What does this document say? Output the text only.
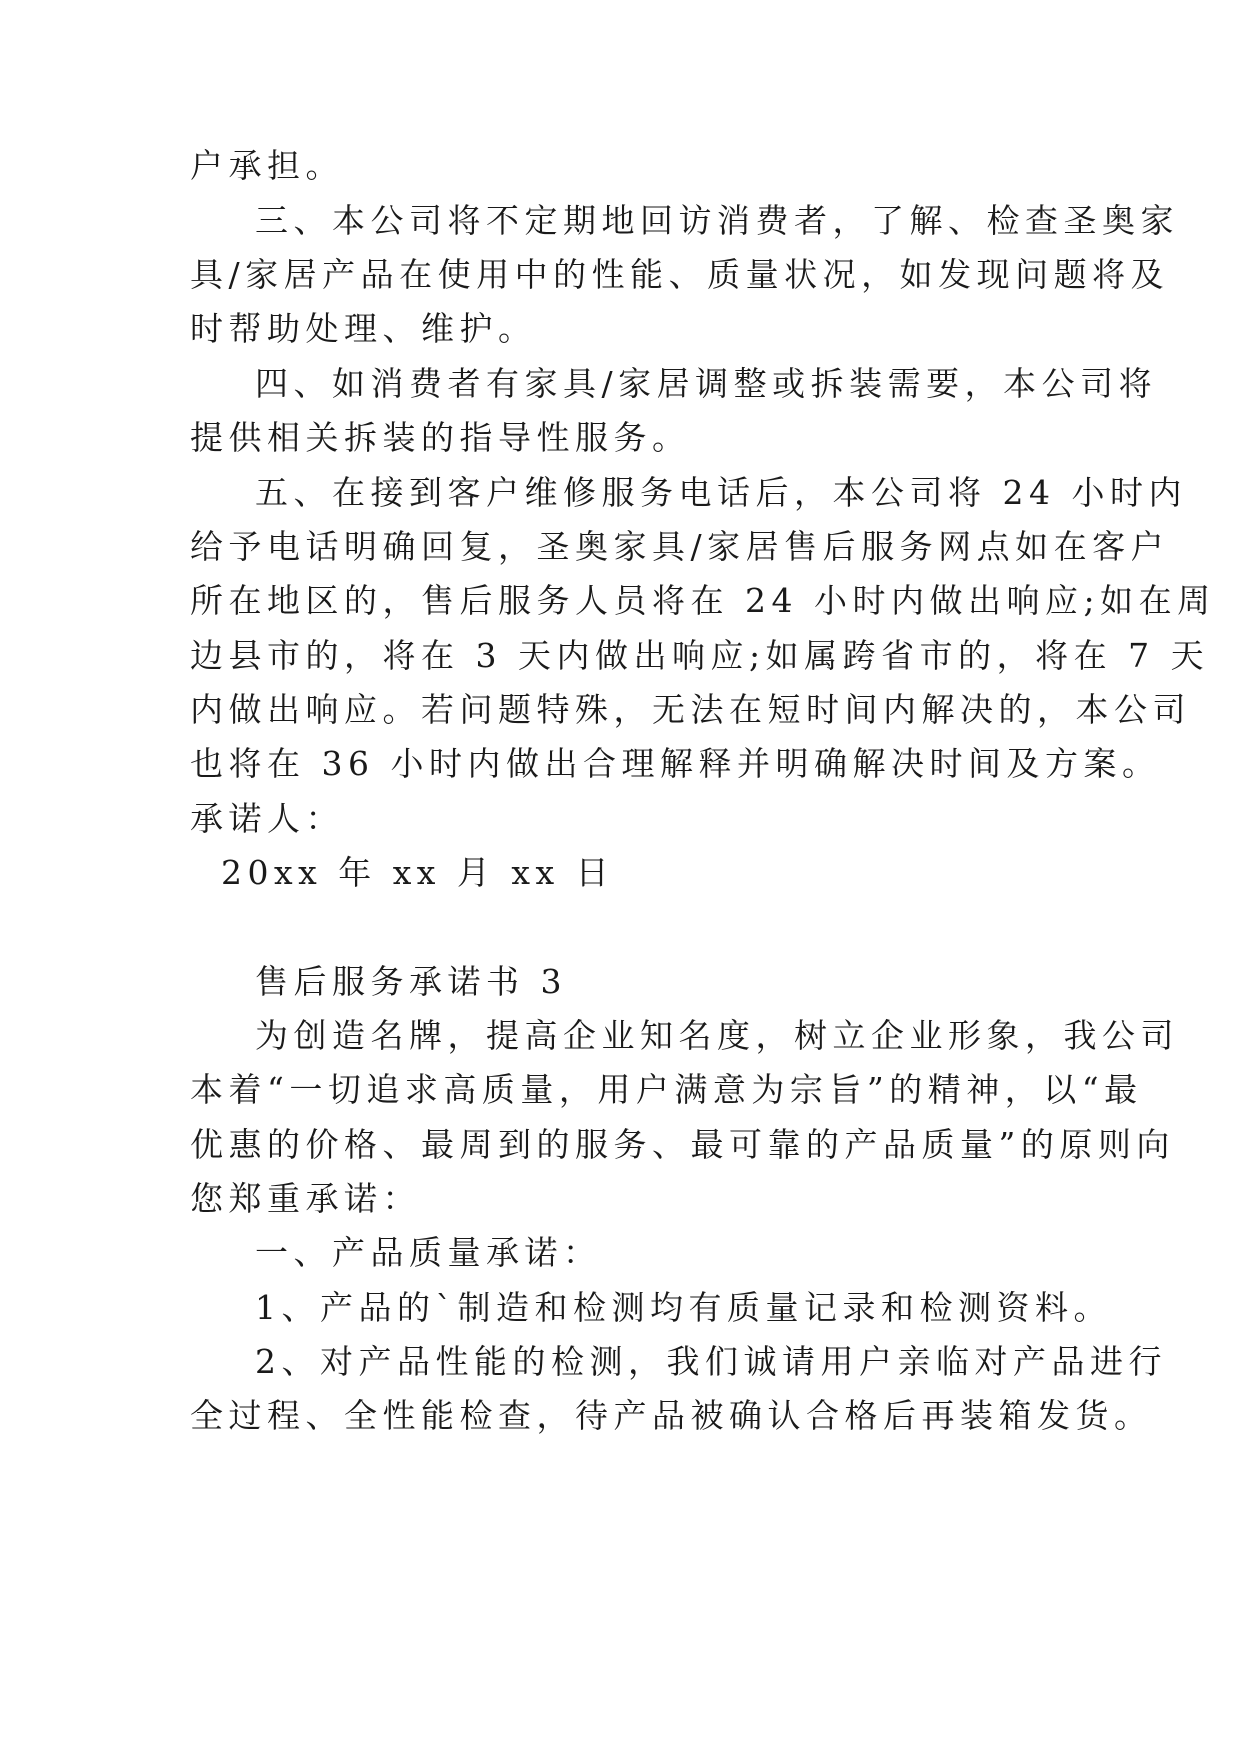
户承担。
三、本公司将不定期地回访消费者，了解、检查圣奥家
具/家居产品在使用中的性能、质量状况，如发现问题将及
时帮助处理、维护。
四、如消费者有家具/家居调整或拆装需要，本公司将
提供相关拆装的指导性服务。
五、在接到客户维修服务电话后，本公司将 24 小时内
给予电话明确回复，圣奥家具/家居售后服务网点如在客户
所在地区的，售后服务人员将在 24 小时内做出响应;如在周
边县市的，将在 3 天内做出响应;如属跨省市的，将在 7 天
内做出响应。若问题特殊，无法在短时间内解决的，本公司
也将在 36 小时内做出合理解释并明确解决时间及方案。
承诺人：
20xx 年 xx 月 xx 日
售后服务承诺书 3
为创造名牌，提高企业知名度，树立企业形象，我公司
本着“一切追求高质量，用户满意为宗旨”的精神，以“最
优惠的价格、最周到的服务、最可靠的产品质量”的原则向
您郑重承诺：
一、产品质量承诺：
1、产品的`制造和检测均有质量记录和检测资料。
2、对产品性能的检测，我们诚请用户亲临对产品进行
全过程、全性能检查，待产品被确认合格后再装箱发货。
